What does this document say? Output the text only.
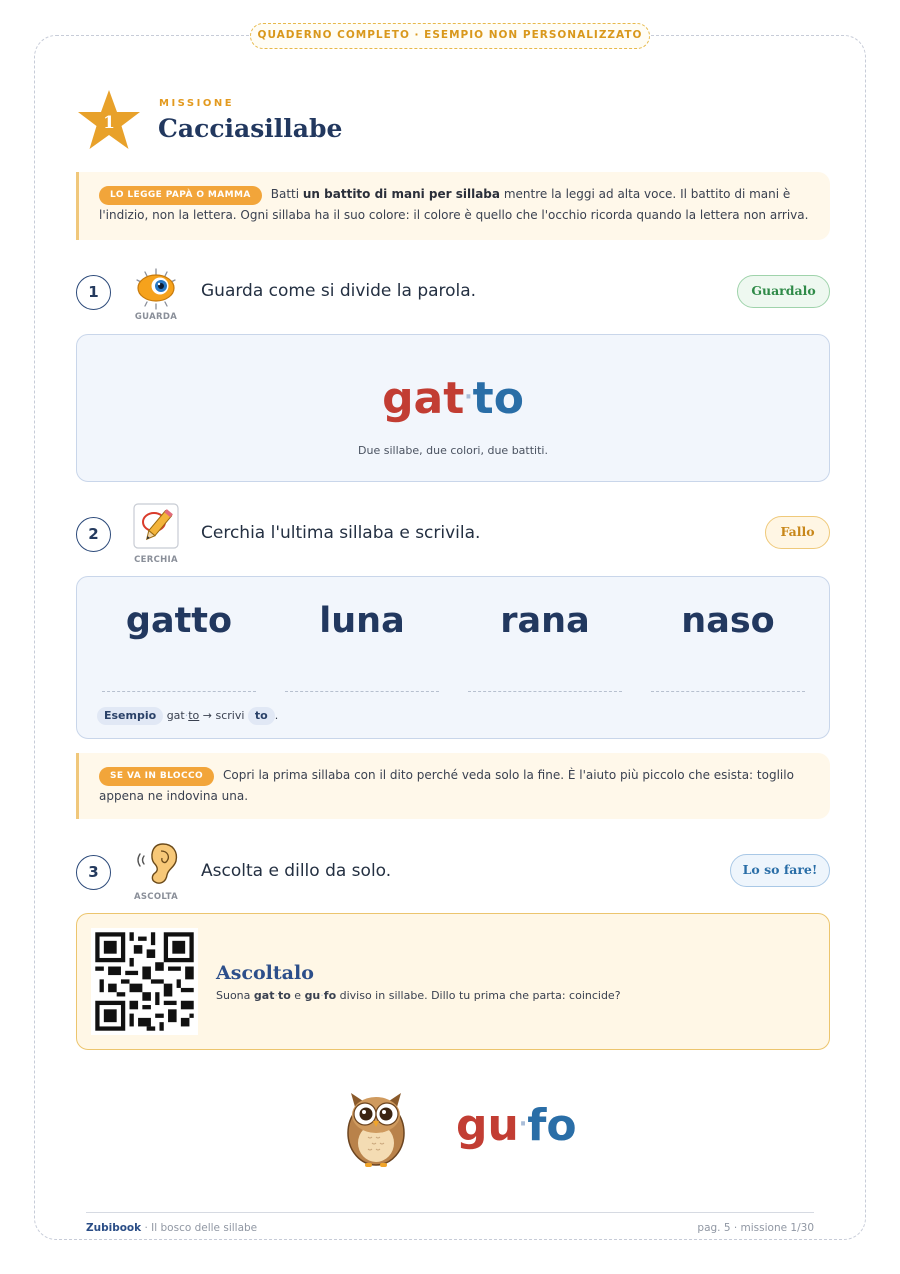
QUADERNO COMPLETO · ESEMPIO NON PERSONALIZZATO
1
MISSIONE
Cacciasillabe
LO LEGGE PAPÀ O MAMMA Batti un battito di mani per sillaba mentre la leggi ad alta voce. Il battito di mani è l'indizio, non la lettera. Ogni sillaba ha il suo colore: il colore è quello che l'occhio ricorda quando la lettera non arriva.
1
GUARDA
Guarda come si divide la parola.	Guardalo
gat·to
Due sillabe, due colori, due battiti.
2
CERCHIA
Cerchia l'ultima sillaba e scrivila.	Fallo
gatto	luna	rana	naso
Esempio gat·to → scrivi to .
SE VA IN BLOCCO Copri la prima sillaba con il dito perché veda solo la fine. È l'aiuto più piccolo che esista: toglilo appena ne indovina una.
3
ASCOLTA
Ascolta e dillo da solo.	Lo so fare!
Ascoltalo
Suona gat·to e gu·fo diviso in sillabe. Dillo tu prima che parta: coincide?
gu·fo
Zubibook · Il bosco delle sillabe	pag. 5 · missione 1/30
